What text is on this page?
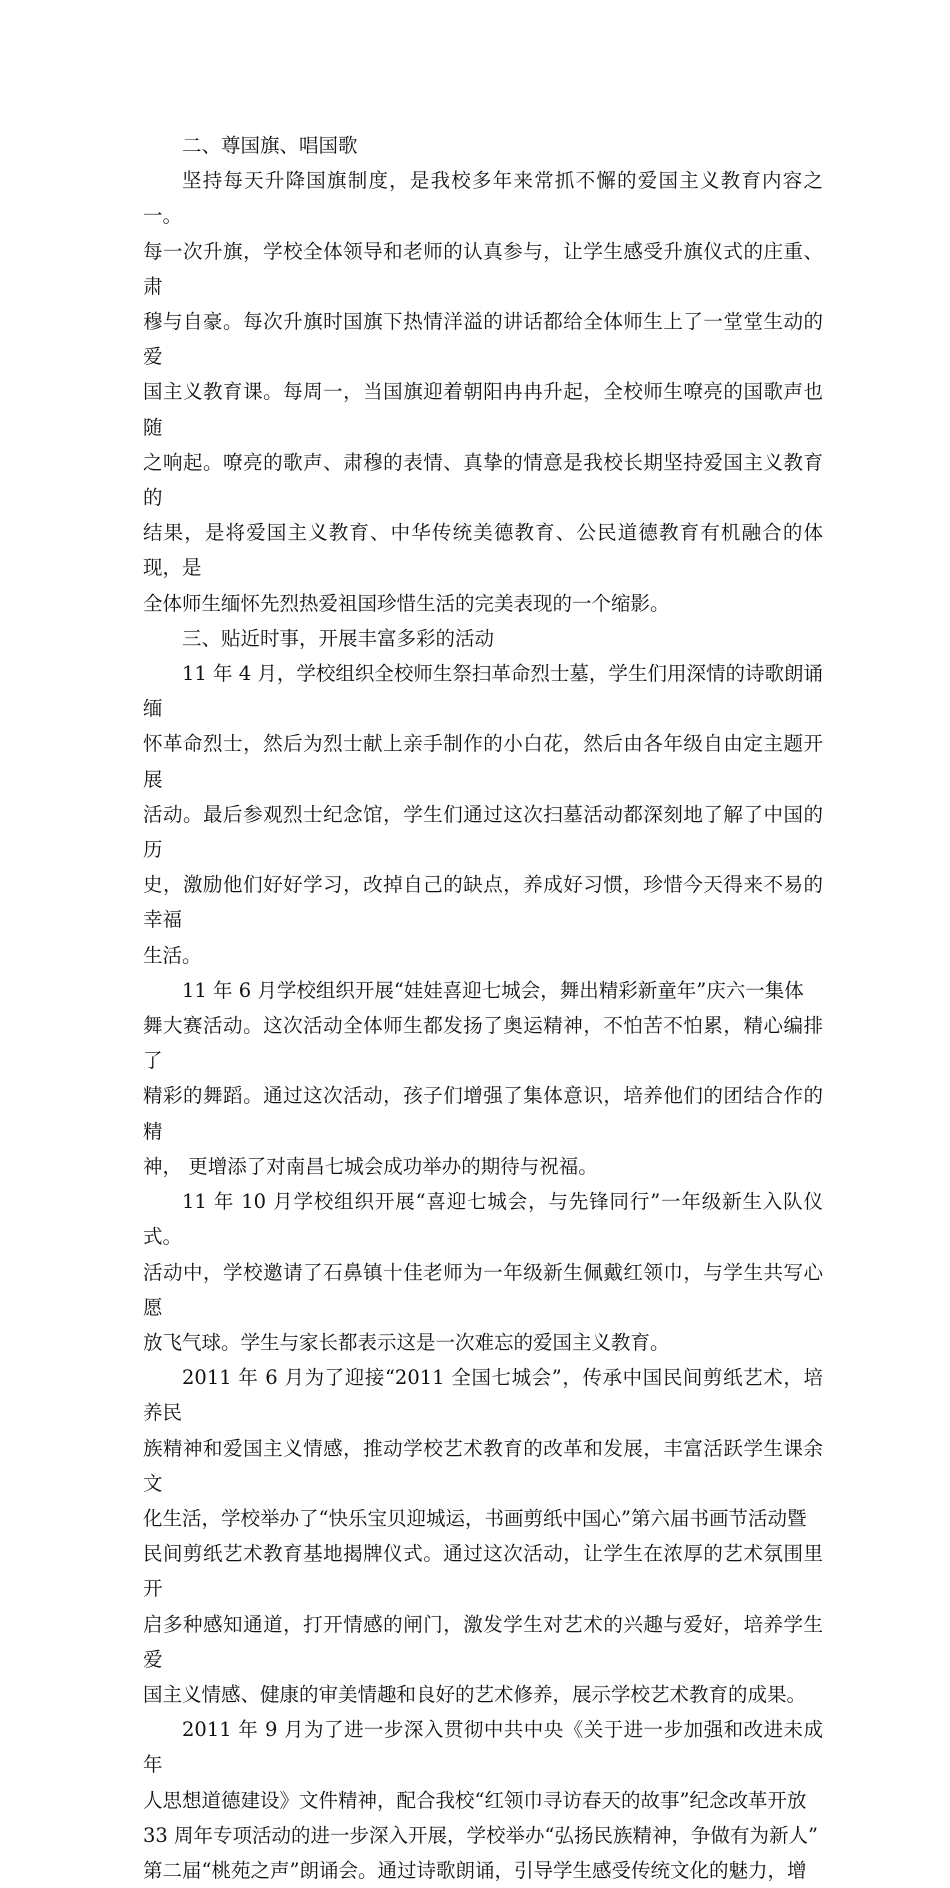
二、尊国旗、唱国歌

坚持每天升降国旗制度，是我校多年来常抓不懈的爱国主义教育内容之一。
每一次升旗，学校全体领导和老师的认真参与，让学生感受升旗仪式的庄重、肃
穆与自豪。每次升旗时国旗下热情洋溢的讲话都给全体师生上了一堂堂生动的爱
国主义教育课。每周一，当国旗迎着朝阳冉冉升起，全校师生嘹亮的国歌声也随
之响起。嘹亮的歌声、肃穆的表情、真挚的情意是我校长期坚持爱国主义教育的
结果，是将爱国主义教育、中华传统美德教育、公民道德教育有机融合的体现，是
全体师生缅怀先烈热爱祖国珍惜生活的完美表现的一个缩影。

三、贴近时事，开展丰富多彩的活动

11 年 4 月，学校组织全校师生祭扫革命烈士墓，学生们用深情的诗歌朗诵缅
怀革命烈士，然后为烈士献上亲手制作的小白花，然后由各年级自由定主题开展
活动。最后参观烈士纪念馆，学生们通过这次扫墓活动都深刻地了解了中国的历
史，激励他们好好学习，改掉自己的缺点，养成好习惯，珍惜今天得来不易的幸福
生活。

11 年 6 月学校组织开展“娃娃喜迎七城会，舞出精彩新童年”庆六一集体
舞大赛活动。这次活动全体师生都发扬了奥运精神，不怕苦不怕累，精心编排了
精彩的舞蹈。通过这次活动，孩子们增强了集体意识，培养他们的团结合作的精
神， 更增添了对南昌七城会成功举办的期待与祝福。

11 年 10 月学校组织开展“喜迎七城会，与先锋同行”一年级新生入队仪式。
活动中，学校邀请了石鼻镇十佳老师为一年级新生佩戴红领巾，与学生共写心愿
放飞气球。学生与家长都表示这是一次难忘的爱国主义教育。

2011 年 6 月为了迎接“2011 全国七城会”，传承中国民间剪纸艺术，培养民
族精神和爱国主义情感，推动学校艺术教育的改革和发展，丰富活跃学生课余文
化生活，学校举办了“快乐宝贝迎城运，书画剪纸中国心”第六届书画节活动暨
民间剪纸艺术教育基地揭牌仪式。通过这次活动，让学生在浓厚的艺术氛围里开
启多种感知通道，打开情感的闸门，激发学生对艺术的兴趣与爱好，培养学生爱
国主义情感、健康的审美情趣和良好的艺术修养，展示学校艺术教育的成果。

2011 年 9 月为了进一步深入贯彻中共中央《关于进一步加强和改进未成年
人思想道德建设》文件精神，配合我校“红领巾寻访春天的故事”纪念改革开放
33 周年专项活动的进一步深入开展，学校举办“弘扬民族精神，争做有为新人”
第二届“桃苑之声”朗诵会。通过诗歌朗诵，引导学生感受传统文化的魅力，增
